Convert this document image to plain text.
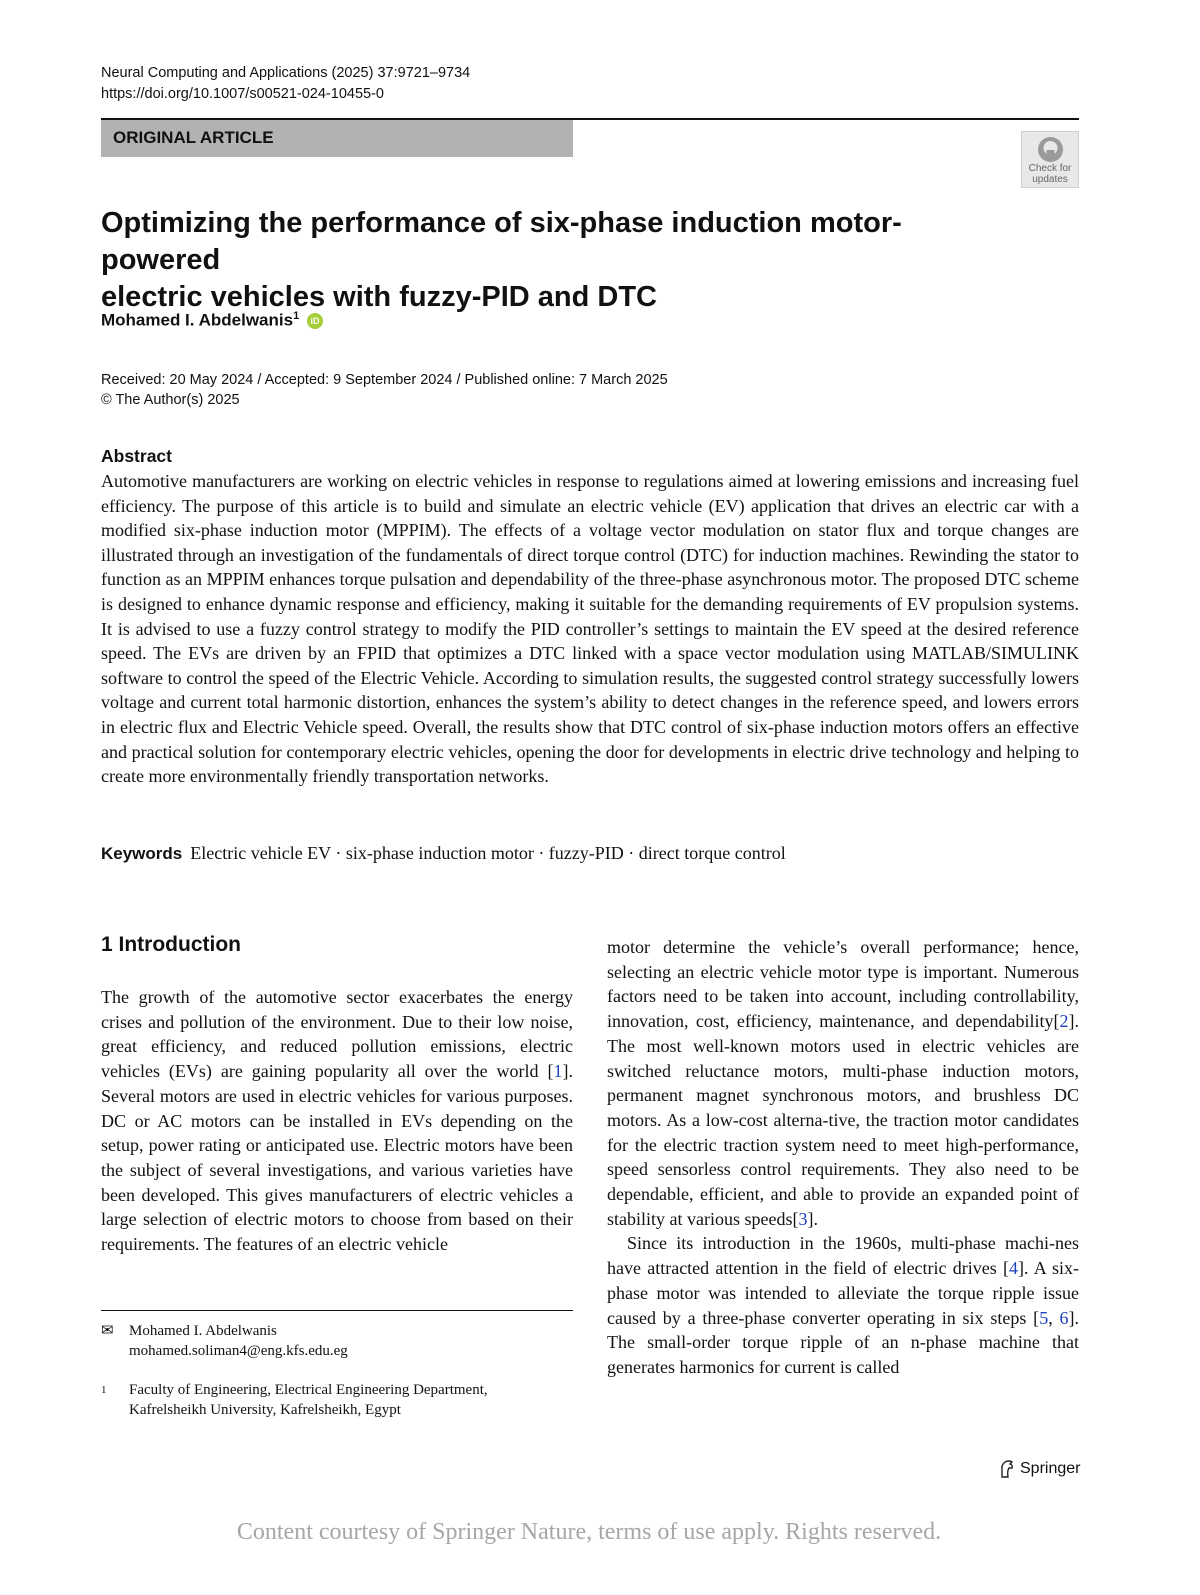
Neural Computing and Applications (2025) 37:9721–9734
https://doi.org/10.1007/s00521-024-10455-0
ORIGINAL ARTICLE
Check for
updates
Optimizing the performance of six-phase induction motor-powered
electric vehicles with fuzzy-PID and DTC
Mohamed I. Abdelwanis$^1$ iD
Received: 20 May 2024 / Accepted: 9 September 2024 / Published online: 7 March 2025
© The Author(s) 2025
Abstract
Automotive manufacturers are working on electric vehicles in response to regulations aimed at lowering emissions and increasing fuel efficiency. The purpose of this article is to build and simulate an electric vehicle (EV) application that drives an electric car with a modified six-phase induction motor (MPPIM). The effects of a voltage vector modulation on stator flux and torque changes are illustrated through an investigation of the fundamentals of direct torque control (DTC) for induction machines. Rewinding the stator to function as an MPPIM enhances torque pulsation and dependability of the three-phase asynchronous motor. The proposed DTC scheme is designed to enhance dynamic response and efficiency, making it suitable for the demanding requirements of EV propulsion systems. It is advised to use a fuzzy control strategy to modify the PID controller’s settings to maintain the EV speed at the desired reference speed. The EVs are driven by an FPID that optimizes a DTC linked with a space vector modulation using MATLAB/SIMULINK software to control the speed of the Electric Vehicle. According to simulation results, the suggested control strategy successfully lowers voltage and current total harmonic distortion, enhances the system’s ability to detect changes in the reference speed, and lowers errors in electric flux and Electric Vehicle speed. Overall, the results show that DTC control of six-phase induction motors offers an effective and practical solution for contemporary electric vehicles, opening the door for developments in electric drive technology and helping to create more environmentally friendly transportation networks.
Keywords Electric vehicle EV · six-phase induction motor · fuzzy-PID · direct torque control
1 Introduction
The growth of the automotive sector exacerbates the energy crises and pollution of the environment. Due to their low noise, great efficiency, and reduced pollution emissions, electric vehicles (EVs) are gaining popularity all over the world [1]. Several motors are used in electric vehicles for various purposes. DC or AC motors can be installed in EVs depending on the setup, power rating or anticipated use. Electric motors have been the subject of several investigations, and various varieties have been developed. This gives manufacturers of electric vehicles a large selection of electric motors to choose from based on their requirements. The features of an electric vehicle

motor determine the vehicle’s overall performance; hence, selecting an electric vehicle motor type is important. Numerous factors need to be taken into account, including controllability, innovation, cost, efficiency, maintenance, and dependability[2]. The most well-known motors used in electric vehicles are switched reluctance motors, multi-phase induction motors, permanent magnet synchronous motors, and brushless DC motors. As a low-cost alterna-tive, the traction motor candidates for the electric traction system need to meet high-performance, speed sensorless control requirements. They also need to be dependable, efficient, and able to provide an expanded point of stability at various speeds[3].

Since its introduction in the 1960s, multi-phase machi-nes have attracted attention in the field of electric drives [4]. A six-phase motor was intended to alleviate the torque ripple issue caused by a three-phase converter operating in six steps [5, 6]. The small-order torque ripple of an n-phase machine that generates harmonics for current is called

✉ Mohamed I. Abdelwanis
mohamed.soliman4@eng.kfs.edu.eg
1 Faculty of Engineering, Electrical Engineering Department,
Kafrelsheikh University, Kafrelsheikh, Egypt
Springer
Content courtesy of Springer Nature, terms of use apply. Rights reserved.
